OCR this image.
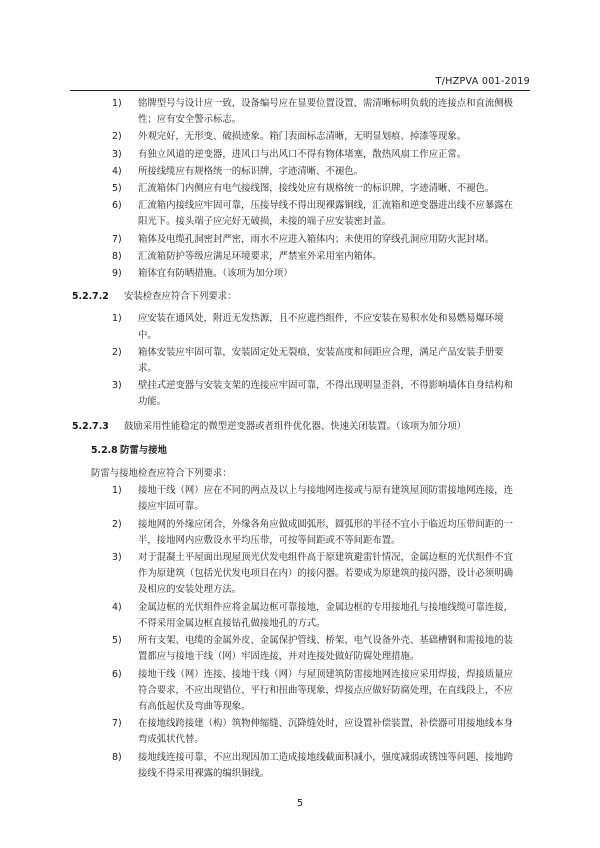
T/HZPVA 001-2019
1) 铭牌型号与设计应一致，设备编号应在显要位置设置，需清晰标明负载的连接点和直流侧极性；应有安全警示标志。
2) 外观完好，无形变、破损迹象。箱门表面标志清晰，无明显划痕、掉漆等现象。
3) 有独立风道的逆变器，进风口与出风口不得有物体堵塞，散热风扇工作应正常。
4) 所接线缆应有规格统一的标识牌，字迹清晰、不褪色。
5) 汇流箱体门内侧应有电气接线图，接线处应有规格统一的标识牌，字迹清晰、不褪色。
6) 汇流箱内接线应牢固可靠，压接导线不得出现裸露铜线，汇流箱和逆变器进出线不应暴露在阳光下。接头端子应完好无破损，未接的端子应安装密封盖。
7) 箱体及电缆孔洞密封严密，雨水不应进入箱体内；未使用的穿线孔洞应用防火泥封堵。
8) 汇流箱防护等级应满足环境要求，严禁室外采用室内箱体。
9) 箱体宜有防晒措施。（该项为加分项）
5.2.7.2 安装检查应符合下列要求：
1) 应安装在通风处，附近无发热源，且不应遮挡组件，不应安装在易积水处和易燃易爆环境中。
2) 箱体安装应牢固可靠，安装固定处无裂痕，安装高度和间距应合理，满足产品安装手册要求。
3) 壁挂式逆变器与安装支架的连接应牢固可靠，不得出现明显歪斜，不得影响墙体自身结构和功能。
5.2.7.3 鼓励采用性能稳定的微型逆变器或者组件优化器、快速关闭装置。（该项为加分项）
5.2.8 防雷与接地
防雷与接地检查应符合下列要求：
1) 接地干线（网）应在不同的两点及以上与接地网连接或与原有建筑屋顶防雷接地网连接，连接应牢固可靠。
2) 接地网的外缘应闭合，外缘各角应做成圆弧形，圆弧形的半径不宜小于临近均压带间距的一半，接地网内应敷设水平均压带，可按等间距或不等间距布置。
3) 对于混凝土平屋面出现屋顶光伏发电组件高于原建筑避雷针情况，金属边框的光伏组件不宜作为原建筑（包括光伏发电项目在内）的接闪器。若要成为原建筑的接闪器，设计必须明确及相应的安装处理方法。
4) 金属边框的光伏组件应将金属边框可靠接地，金属边框的专用接地孔与接地线缆可靠连接，不得采用金属边框直接钻孔做接地孔的方式。
5) 所有支架、电缆的金属外皮、金属保护管线、桥架、电气设备外壳、基础槽钢和需接地的装置都应与接地干线（网）牢固连接，并对连接处做好防腐处理措施。
6) 接地干线（网）连接、接地干线（网）与屋顶建筑防雷接地网连接应采用焊接，焊接质量应符合要求，不应出现错位、平行和扭曲等现象，焊接点应做好防腐处理，在直线段上，不应有高低起伏及弯曲等现象。
7) 在接地线跨接建（构）筑物伸缩缝、沉降缝处时，应设置补偿装置，补偿器可用接地线本身弯成弧状代替。
8) 接地线连接可靠，不应出现因加工造成接地线截面积减小，强度减弱或锈蚀等问题，接地跨接线不得采用裸露的编织铜线。
5
